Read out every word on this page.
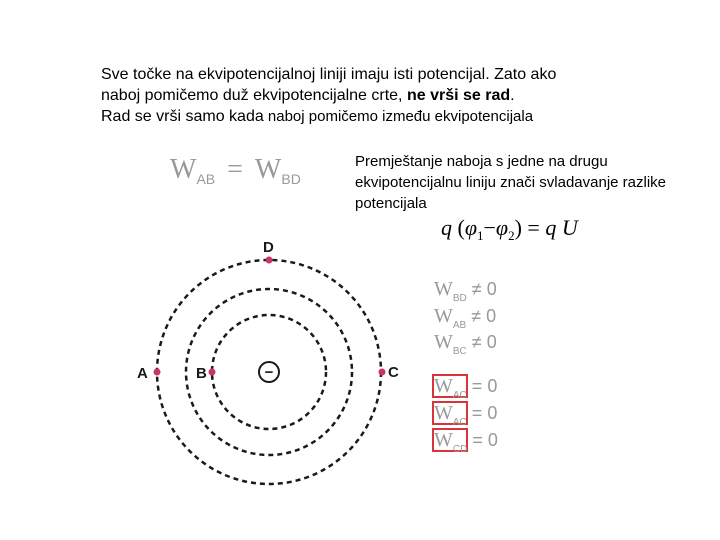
Sve točke na ekvipotencijalnoj liniji imaju isti potencijal. Zato ako
naboj pomičemo duž ekvipotencijalne crte, ne vrši se rad.
Rad se vrši samo kada naboj pomičemo između ekvipotencijala
$W_{AB} = W_{BD}$
Premještanje naboja s jedne na drugu ekvipotencijalnu liniju znači svladavanje razlike potencijala
q $(\varphi_1-\varphi_2) = q$ U
−
A	B	C
D
$W_{BD} \ne 0$
$W_{AB} \ne 0$
$W_{BC} \ne 0$
$W_{AC} = 0$
$W_{AC} = 0$
$W_{CD} = 0$
